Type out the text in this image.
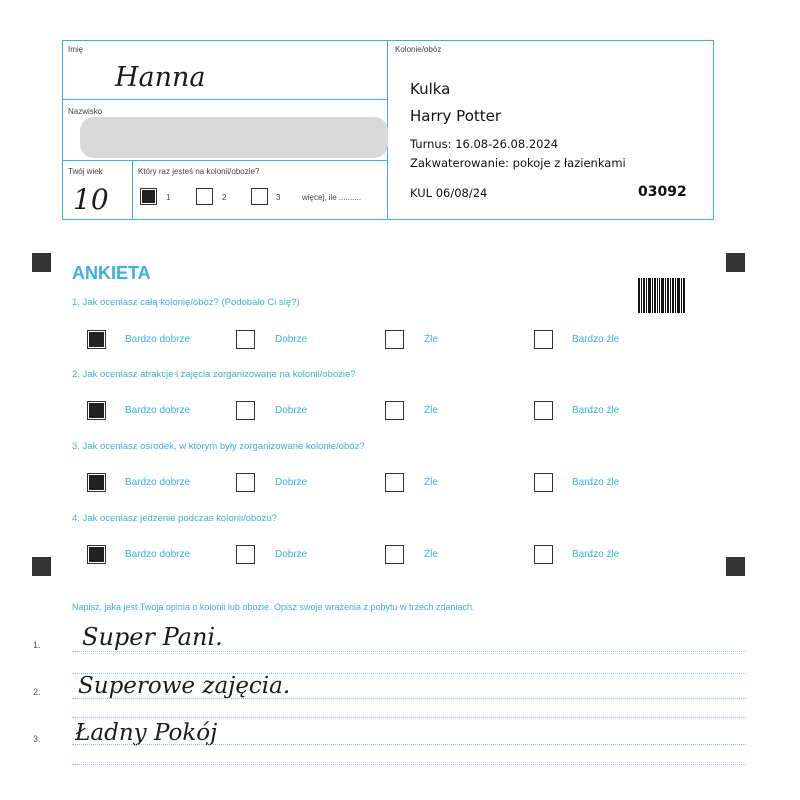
Imię
Hanna
Nazwisko
Twój wiek
10
Który raz jesteś na kolonii/obozie?
1	2	3	więcej, ile ..........
Kolonie/obóz
Kulka
Harry Potter
Turnus: 16.08-26.08.2024
Zakwaterowanie: pokoje z łazienkami
KUL 06/08/24	03092
ANKIETA
1. Jak oceniasz całą kolonię/obóz? (Podobało Ci się?)
Bardzo dobrze	Dobrze	Źle	Bardzo źle
2. Jak oceniasz atrakcje i zajęcia zorganizowane na kolonii/obozie?
Bardzo dobrze	Dobrze	Źle	Bardzo źle
3. Jak oceniasz ośrodek, w którym były zorganizowane kolonie/obóz?
Bardzo dobrze	Dobrze	Źle	Bardzo źle
4. Jak oceniasz jedzenie podczas kolonii/obozu?
Bardzo dobrze	Dobrze	Źle	Bardzo źle
Napisz, jaka jest Twoja opinia o kolonii lub obozie. Opisz swoje wrażenia z pobytu w trzech zdaniach.
1. Super Pani.
2. Superowe zajęcia.
3. Ładny Pokój
